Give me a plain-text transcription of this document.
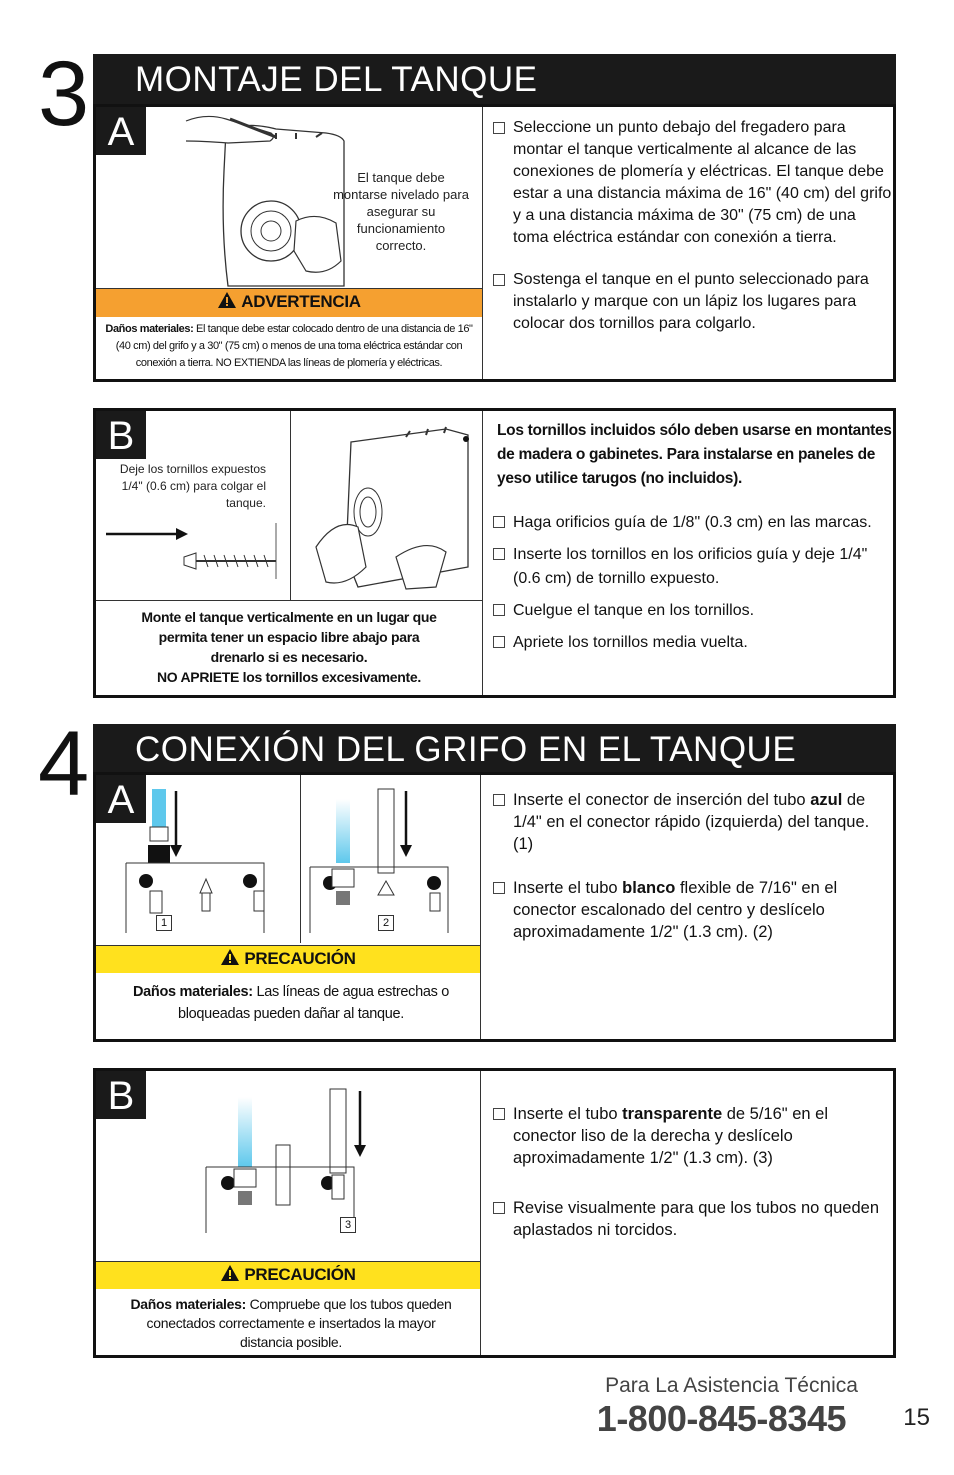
3	MONTAJE DEL TANQUE
A
El tanque debe montarse nivelado para asegurar su funcionamiento correcto.
ADVERTENCIA
Daños materiales: El tanque debe estar colocado dentro de una distancia de 16" (40 cm) del grifo y a 30" (75 cm) o menos de una toma eléctrica estándar con conexión a tierra. NO EXTIENDA las líneas de plomería y eléctricas.

Seleccione un punto debajo del fregadero para montar el tanque verticalmente al alcance de las conexiones de plomería y eléctricas. El tanque debe estar a una distancia máxima de 16" (40 cm) del grifo y a una distancia máxima de 30" (75 cm) de una toma eléctrica estándar con conexión a tierra.

Sostenga el tanque en el punto seleccionado para instalarlo y marque con un lápiz los lugares para colocar dos tornillos para colgarlo.

B
Deje los tornillos expuestos 1/4" (0.6 cm) para colgar el tanque.
Monte el tanque verticalmente en un lugar que
permita tener un espacio libre abajo para
drenarlo si es necesario.
NO APRIETE los tornillos excesivamente.
Los tornillos incluidos sólo deben usarse en montantes de madera o gabinetes. Para instalarse en paneles de yeso utilice tarugos (no incluidos).

Haga orificios guía de 1/8" (0.3 cm) en las marcas.

Inserte los tornillos en los orificios guía y deje 1/4" (0.6 cm) de tornillo expuesto.

Cuelgue el tanque en los tornillos.

Apriete los tornillos media vuelta.

4	CONEXIÓN DEL GRIFO EN EL TANQUE
A
1	2
PRECAUCIÓN
Daños materiales: Las líneas de agua estrechas o bloqueadas pueden dañar al tanque.

Inserte el conector de inserción del tubo azul de 1/4" en el conector rápido (izquierda) del tanque. (1)

Inserte el tubo blanco flexible de 7/16" en el conector escalonado del centro y deslícelo aproximadamente 1/2" (1.3 cm). (2)

B
3
PRECAUCIÓN
Daños materiales: Compruebe que los tubos queden conectados correctamente e insertados la mayor distancia posible.

Inserte el tubo transparente de 5/16" en el conector liso de la derecha y deslícelo aproximadamente 1/2" (1.3 cm). (3)

Revise visualmente para que los tubos no queden aplastados ni torcidos.

Para La Asistencia Técnica
1-800-845-8345 15
